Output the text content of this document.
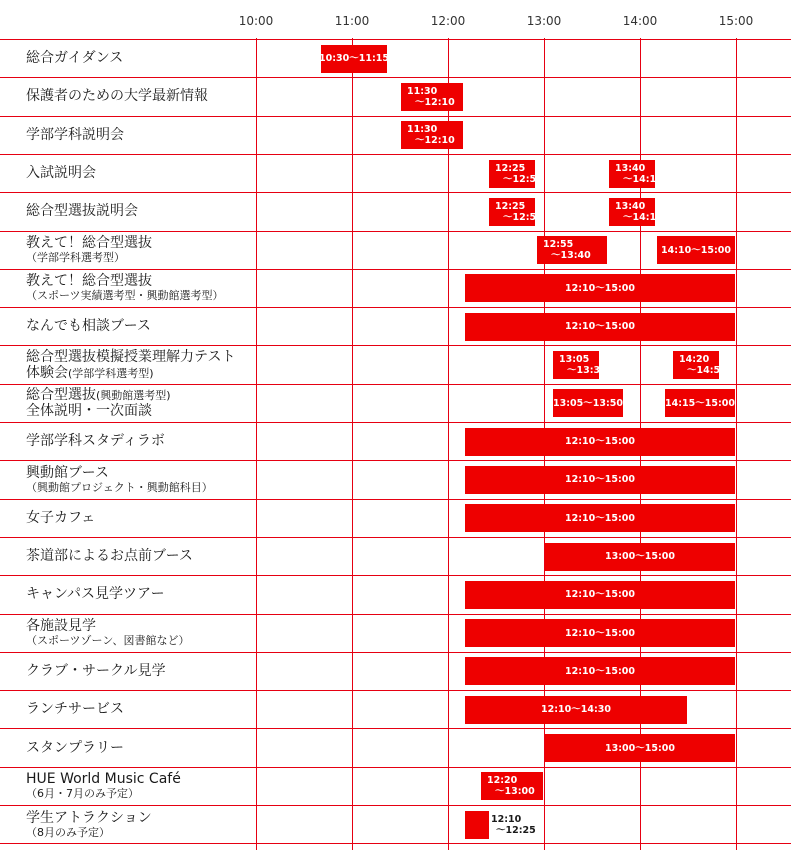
10:00	11:00	12:00	13:00	14:00	15:00
総合ガイダンス	10:30～11:15
保護者のための大学最新情報	11:30
～12:10
学部学科説明会	11:30
～12:10
入試説明会	12:25
～12:55
13:40
～14:10
総合型選抜説明会	12:25
～12:55
13:40
～14:10
教えて！総合型選抜
（学部学科選考型）
12:55
～13:40	14:10～15:00
教えて！総合型選抜
（スポーツ実績選考型・興動館選考型）
12:10～15:00
なんでも相談ブース	12:10～15:00
総合型選抜模擬授業理解力テスト
体験会(学部学科選考型)
13:05
～13:35
14:20
～14:50
総合型選抜(興動館選考型)
全体説明・一次面談	13:05～13:50	14:15～15:00
学部学科スタディラボ	12:10～15:00
興動館ブース
（興動館プロジェクト・興動館科目）
12:10～15:00
女子カフェ	12:10～15:00
茶道部によるお点前ブース	13:00～15:00
キャンパス見学ツアー	12:10～15:00
各施設見学
（スポーツゾーン、図書館など）
12:10～15:00
クラブ・サークル見学	12:10～15:00
ランチサービス	12:10～14:30
スタンプラリー	13:00～15:00
HUE World Music Café
（6月・7月のみ予定）
12:20
～13:00
学生アトラクション
（8月のみ予定）
12:10
～12:25
